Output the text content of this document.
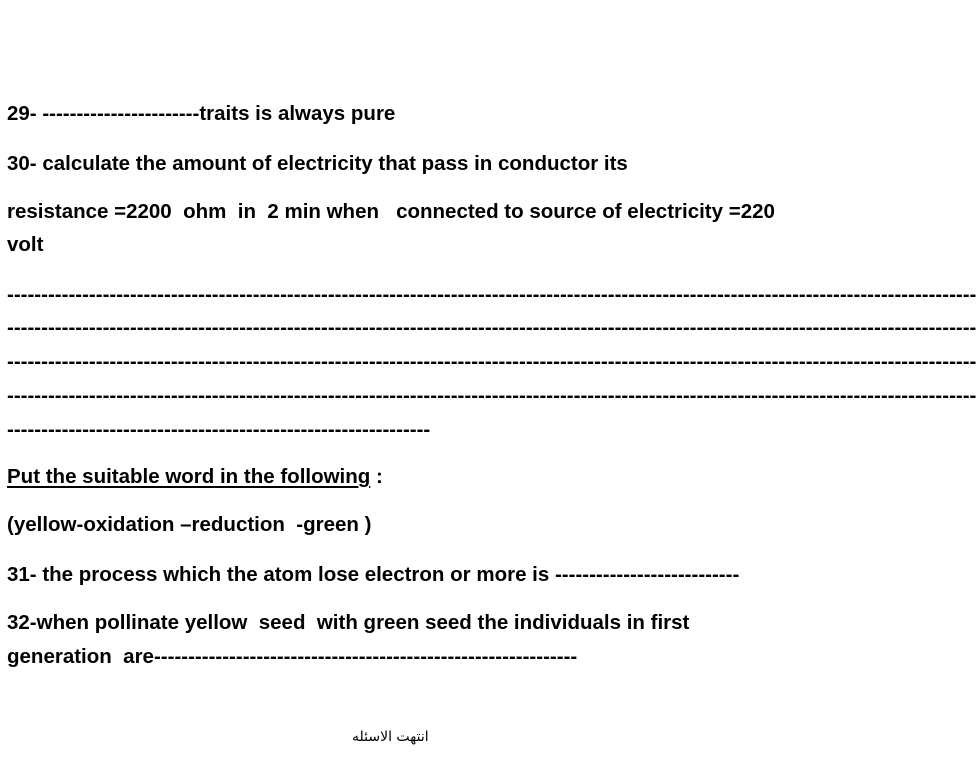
29- -----------------------traits is always pure

30- calculate the amount of electricity that pass in conductor its

resistance =2200  ohm  in  2 min when   connected to source of electricity =220

volt

----------------------------------------------------------------------------------------------------------------------------------------------

----------------------------------------------------------------------------------------------------------------------------------------------

----------------------------------------------------------------------------------------------------------------------------------------------

----------------------------------------------------------------------------------------------------------------------------------------------

--------------------------------------------------------------

Put the suitable word in the following :

(yellow-oxidation –reduction  -green )

31- the process which the atom lose electron or more is ---------------------------

32-when pollinate yellow  seed  with green seed the individuals in first

generation  are--------------------------------------------------------------

انتهت الاسئله
